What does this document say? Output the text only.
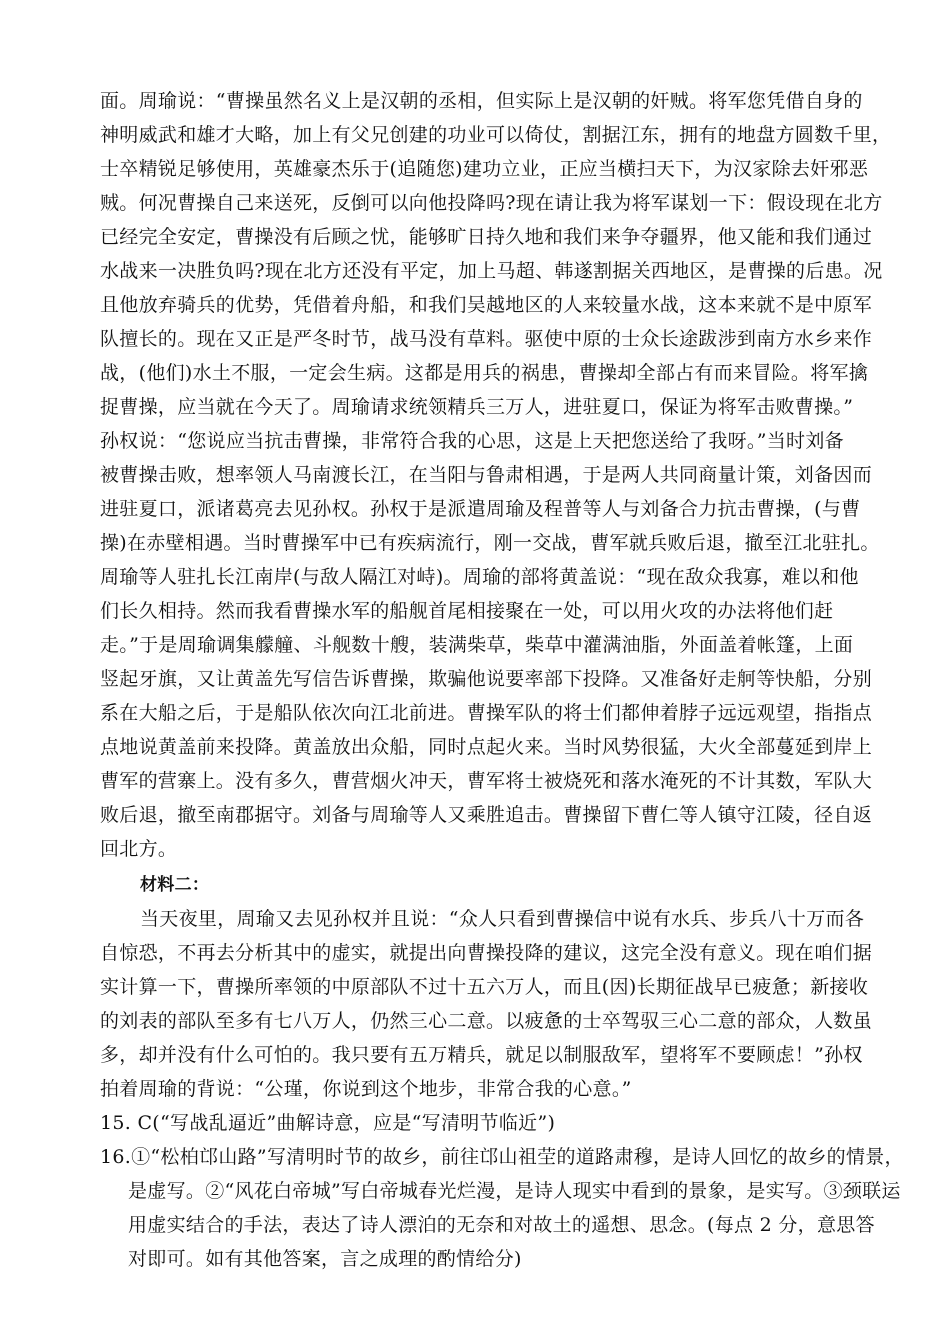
面。周瑜说：“曹操虽然名义上是汉朝的丞相，但实际上是汉朝的奸贼。将军您凭借自身的
神明威武和雄才大略，加上有父兄创建的功业可以倚仗，割据江东，拥有的地盘方圆数千里，
士卒精锐足够使用，英雄豪杰乐于(追随您)建功立业，正应当横扫天下，为汉家除去奸邪恶
贼。何况曹操自己来送死，反倒可以向他投降吗?现在请让我为将军谋划一下：假设现在北方
已经完全安定，曹操没有后顾之忧，能够旷日持久地和我们来争夺疆界，他又能和我们通过
水战来一决胜负吗?现在北方还没有平定，加上马超、韩遂割据关西地区，是曹操的后患。况
且他放弃骑兵的优势，凭借着舟船，和我们吴越地区的人来较量水战，这本来就不是中原军
队擅长的。现在又正是严冬时节，战马没有草料。驱使中原的士众长途跋涉到南方水乡来作
战，(他们)水土不服，一定会生病。这都是用兵的祸患，曹操却全部占有而来冒险。将军擒
捉曹操，应当就在今天了。周瑜请求统领精兵三万人，进驻夏口，保证为将军击败曹操。”
孙权说：“您说应当抗击曹操，非常符合我的心思，这是上天把您送给了我呀。”当时刘备
被曹操击败，想率领人马南渡长江，在当阳与鲁肃相遇，于是两人共同商量计策，刘备因而
进驻夏口，派诸葛亮去见孙权。孙权于是派遣周瑜及程普等人与刘备合力抗击曹操，(与曹
操)在赤壁相遇。当时曹操军中已有疾病流行，刚一交战，曹军就兵败后退，撤至江北驻扎。
周瑜等人驻扎长江南岸(与敌人隔江对峙)。周瑜的部将黄盖说：“现在敌众我寡，难以和他
们长久相持。然而我看曹操水军的船舰首尾相接聚在一处，可以用火攻的办法将他们赶
走。”于是周瑜调集艨艟、斗舰数十艘，装满柴草，柴草中灌满油脂，外面盖着帐篷，上面
竖起牙旗，又让黄盖先写信告诉曹操，欺骗他说要率部下投降。又准备好走舸等快船，分别
系在大船之后，于是船队依次向江北前进。曹操军队的将士们都伸着脖子远远观望，指指点
点地说黄盖前来投降。黄盖放出众船，同时点起火来。当时风势很猛，大火全部蔓延到岸上
曹军的营寨上。没有多久，曹营烟火冲天，曹军将士被烧死和落水淹死的不计其数，军队大
败后退，撤至南郡据守。刘备与周瑜等人又乘胜追击。曹操留下曹仁等人镇守江陵，径自返
回北方。
材料二：
当天夜里，周瑜又去见孙权并且说：“众人只看到曹操信中说有水兵、步兵八十万而各
自惊恐，不再去分析其中的虚实，就提出向曹操投降的建议，这完全没有意义。现在咱们据
实计算一下，曹操所率领的中原部队不过十五六万人，而且(因)长期征战早已疲惫；新接收
的刘表的部队至多有七八万人，仍然三心二意。以疲惫的士卒驾驭三心二意的部众，人数虽
多，却并没有什么可怕的。我只要有五万精兵，就足以制服敌军，望将军不要顾虑！”孙权
拍着周瑜的背说：“公瑾，你说到这个地步，非常合我的心意。”
15. C(“写战乱逼近”曲解诗意，应是“写清明节临近”)
16.①“松柏邙山路”写清明时节的故乡，前往邙山祖茔的道路肃穆，是诗人回忆的故乡的情景，
是虚写。②“风花白帝城”写白帝城春光烂漫，是诗人现实中看到的景象，是实写。③颈联运
用虚实结合的手法，表达了诗人漂泊的无奈和对故土的遥想、思念。(每点 2 分，意思答
对即可。如有其他答案，言之成理的酌情给分)
